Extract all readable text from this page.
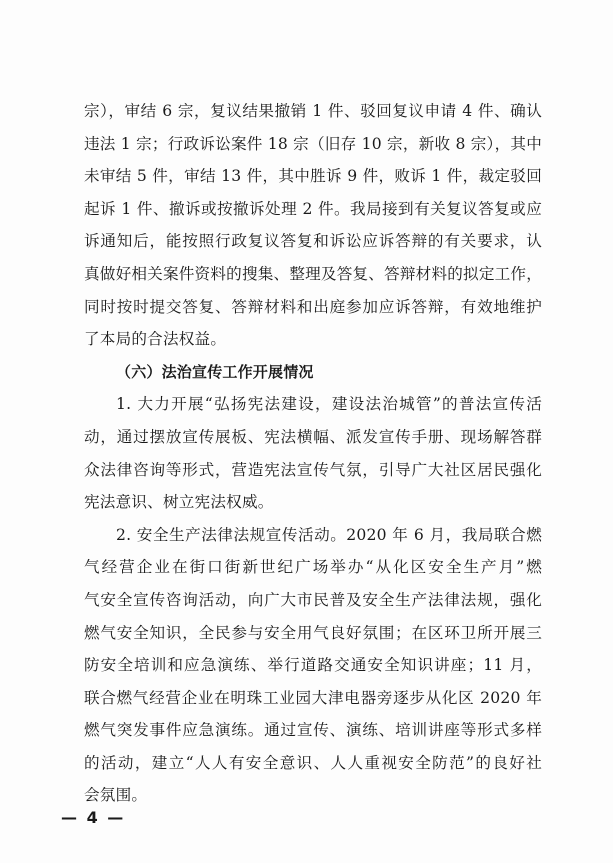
宗），审结 6 宗，复议结果撤销 1 件、驳回复议申请 4 件、确认
违法 1 宗；行政诉讼案件 18 宗（旧存 10 宗，新收 8 宗），其中
未审结 5 件，审结 13 件，其中胜诉 9 件，败诉 1 件，裁定驳回
起诉 1 件、撤诉或按撤诉处理 2 件。我局接到有关复议答复或应
诉通知后，能按照行政复议答复和诉讼应诉答辩的有关要求，认
真做好相关案件资料的搜集、整理及答复、答辩材料的拟定工作，
同时按时提交答复、答辩材料和出庭参加应诉答辩，有效地维护
了本局的合法权益。
（六）法治宣传工作开展情况
1. 大力开展“弘扬宪法建设，建设法治城管”的普法宣传活
动，通过摆放宣传展板、宪法横幅、派发宣传手册、现场解答群
众法律咨询等形式，营造宪法宣传气氛，引导广大社区居民强化
宪法意识、树立宪法权威。
2. 安全生产法律法规宣传活动。2020 年 6 月，我局联合燃
气经营企业在街口街新世纪广场举办“从化区安全生产月”燃
气安全宣传咨询活动，向广大市民普及安全生产法律法规，强化
燃气安全知识，全民参与安全用气良好氛围；在区环卫所开展三
防安全培训和应急演练、举行道路交通安全知识讲座；11 月，
联合燃气经营企业在明珠工业园大津电器旁逐步从化区 2020 年
燃气突发事件应急演练。通过宣传、演练、培训讲座等形式多样
的活动，建立“人人有安全意识、人人重视安全防范”的良好社
会氛围。
— 4 —
